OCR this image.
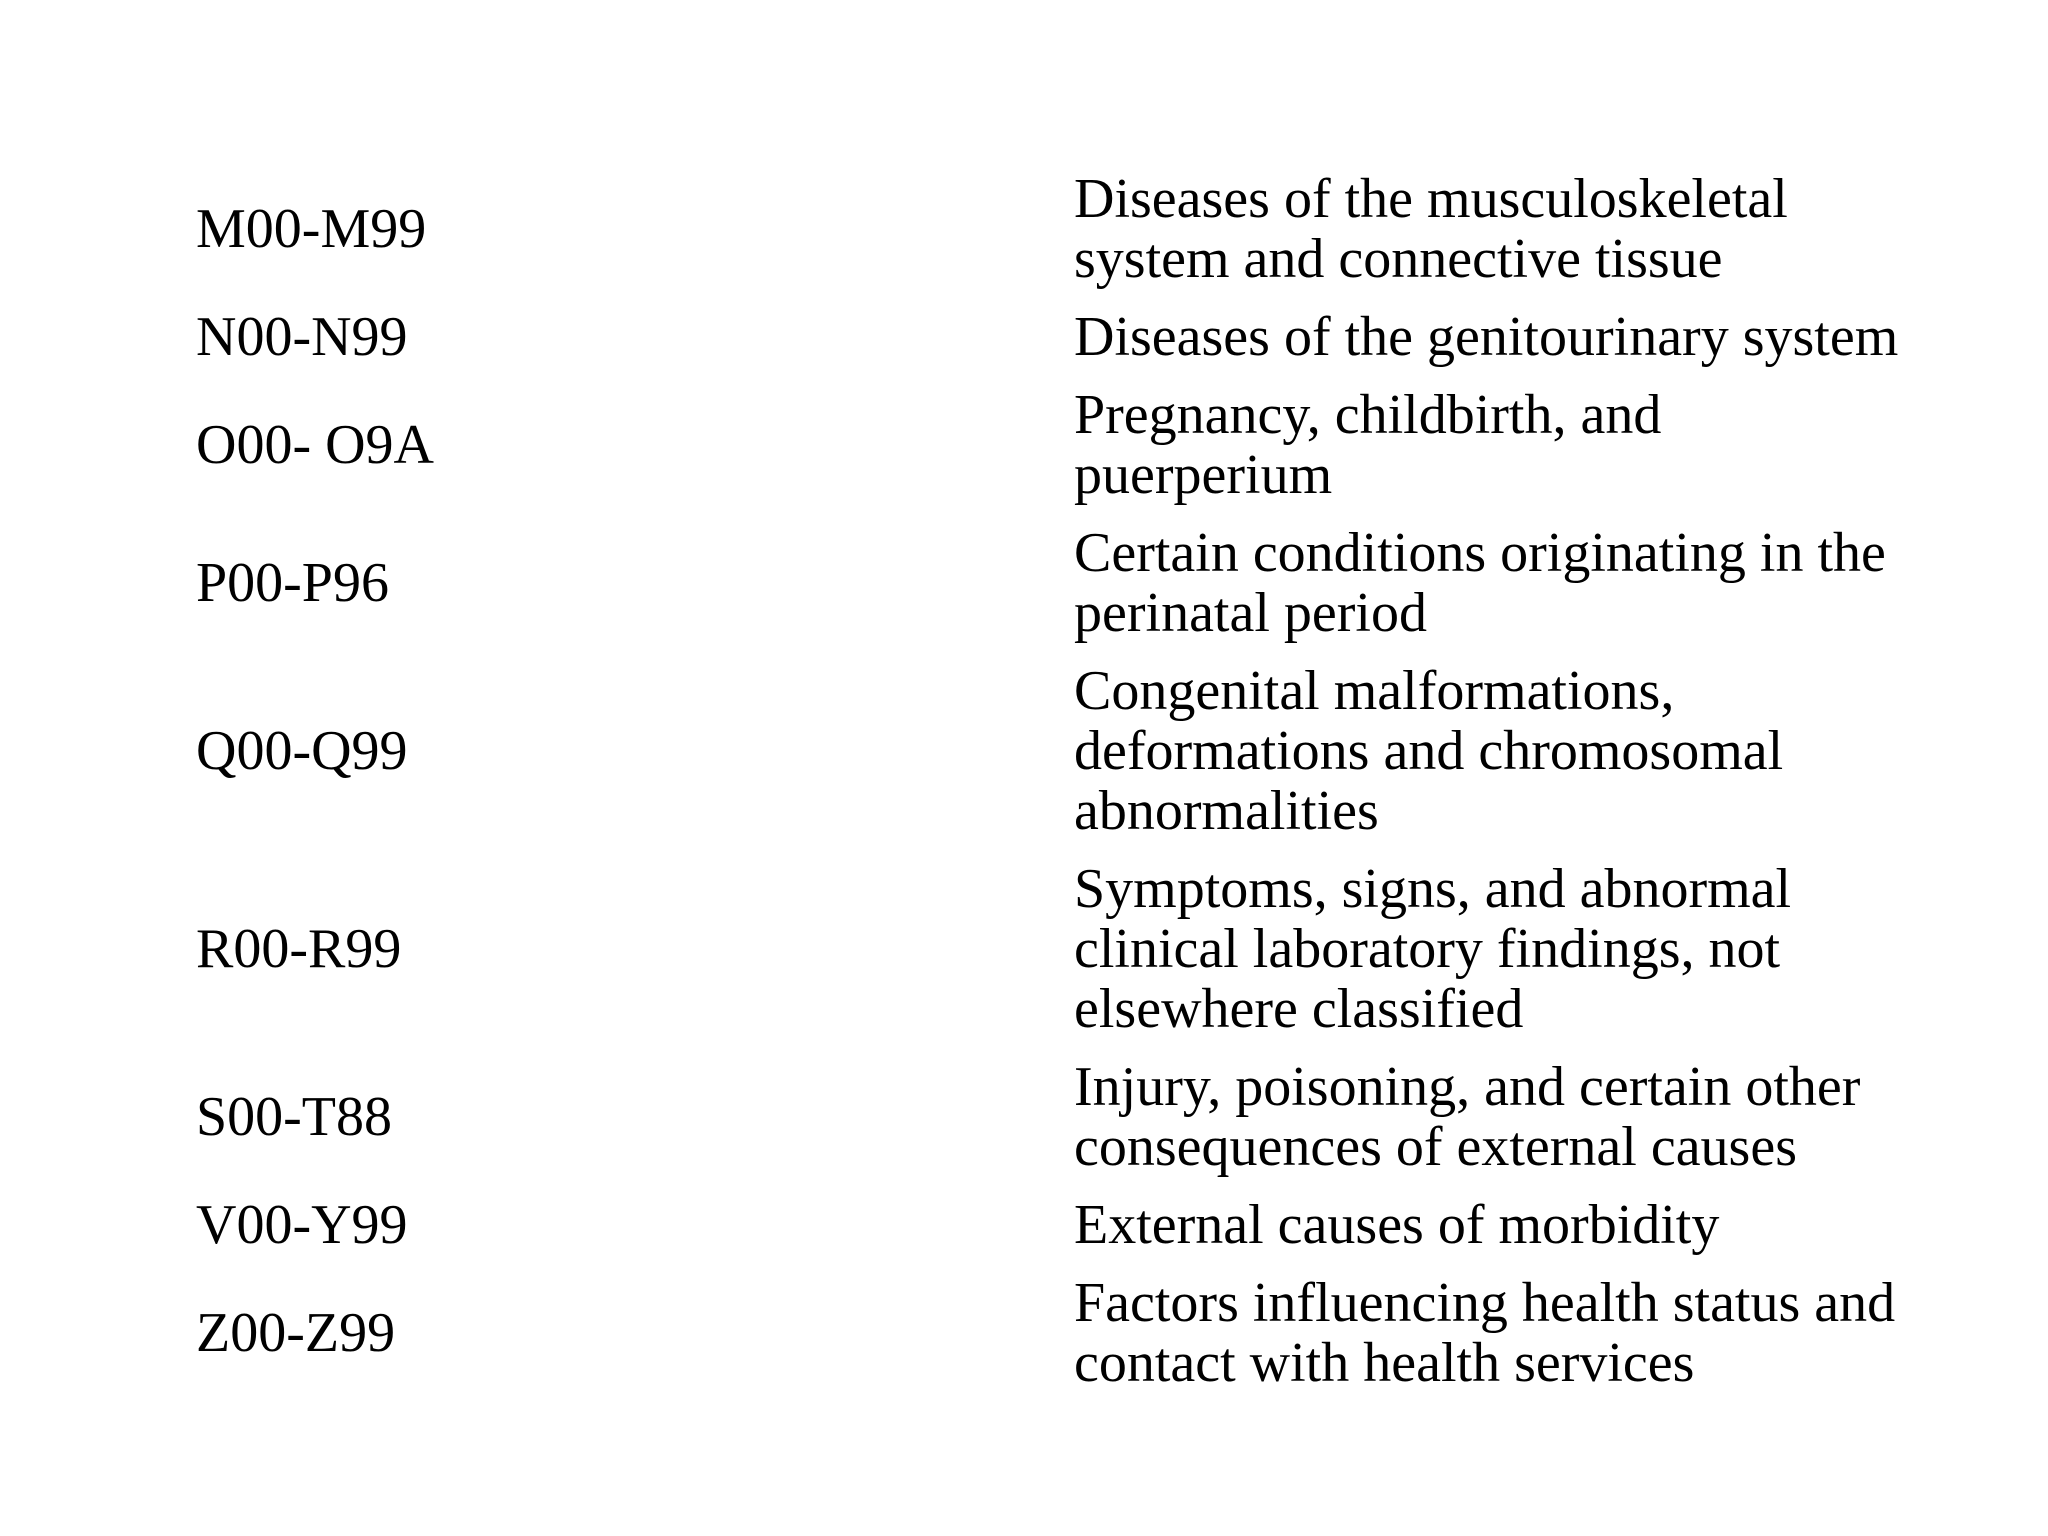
M00-M99	Diseases of the musculoskeletal
system and connective tissue

N00-N99	Diseases of the genitourinary system

O00- O9A	Pregnancy, childbirth, and
puerperium

P00-P96	Certain conditions originating in the
perinatal period

Q00-Q99	Congenital malformations,
deformations and chromosomal
abnormalities

R00-R99	Symptoms, signs, and abnormal
clinical laboratory findings, not
elsewhere classified

S00-T88	Injury, poisoning, and certain other
consequences of external causes

V00-Y99	External causes of morbidity

Z00-Z99	Factors influencing health status and
contact with health services
